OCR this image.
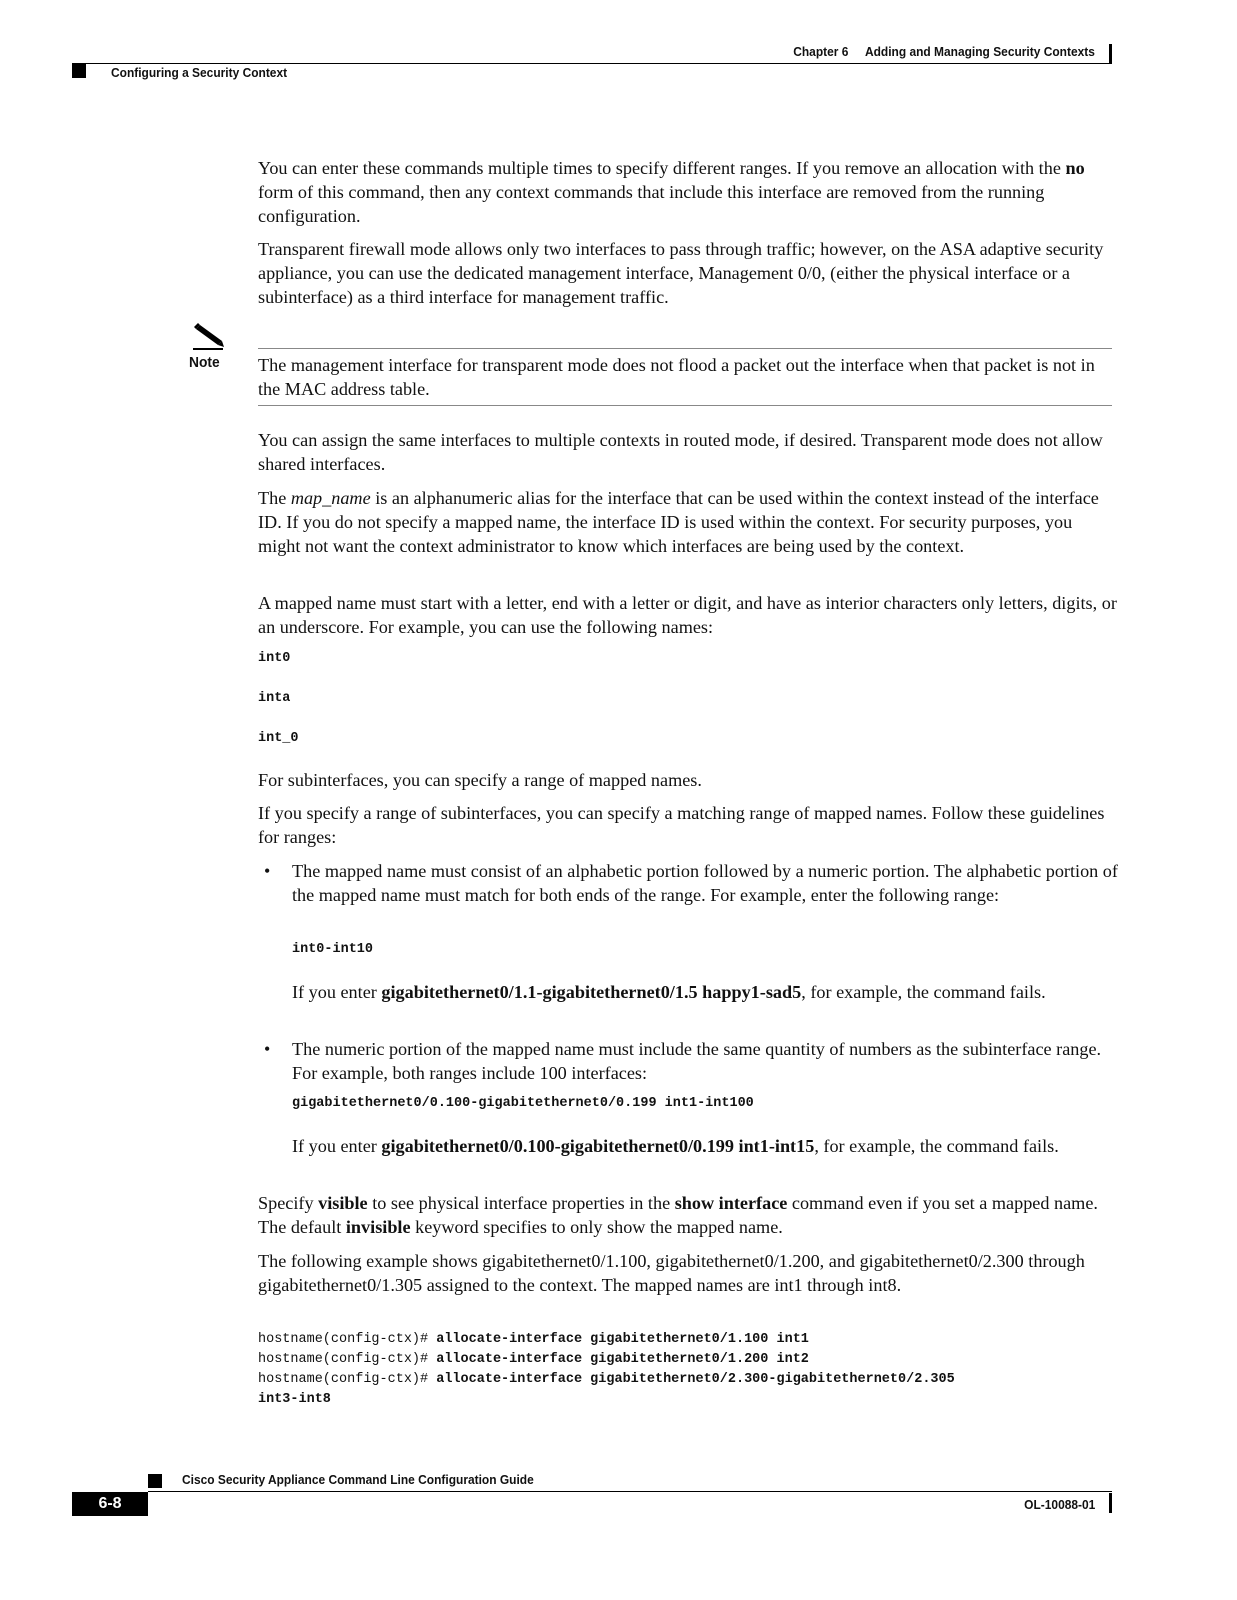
Chapter 6 Adding and Managing Security Contexts
Configuring a Security Context

You can enter these commands multiple times to specify different ranges. If you remove an allocation with the no form of this command, then any context commands that include this interface are removed from the running configuration.

Transparent firewall mode allows only two interfaces to pass through traffic; however, on the ASA adaptive security appliance, you can use the dedicated management interface, Management 0/0, (either the physical interface or a subinterface) as a third interface for management traffic.

Note The management interface for transparent mode does not flood a packet out the interface when that packet is not in the MAC address table.

You can assign the same interfaces to multiple contexts in routed mode, if desired. Transparent mode does not allow shared interfaces.

The map_name is an alphanumeric alias for the interface that can be used within the context instead of the interface ID. If you do not specify a mapped name, the interface ID is used within the context. For security purposes, you might not want the context administrator to know which interfaces are being used by the context.

A mapped name must start with a letter, end with a letter or digit, and have as interior characters only letters, digits, or an underscore. For example, you can use the following names:

int0
inta
int_0

For subinterfaces, you can specify a range of mapped names.

If you specify a range of subinterfaces, you can specify a matching range of mapped names. Follow these guidelines for ranges:

• The mapped name must consist of an alphabetic portion followed by a numeric portion. The alphabetic portion of the mapped name must match for both ends of the range. For example, enter the following range:

int0-int10

If you enter gigabitethernet0/1.1-gigabitethernet0/1.5 happy1-sad5, for example, the command fails.

• The numeric portion of the mapped name must include the same quantity of numbers as the subinterface range. For example, both ranges include 100 interfaces:

gigabitethernet0/0.100-gigabitethernet0/0.199 int1-int100

If you enter gigabitethernet0/0.100-gigabitethernet0/0.199 int1-int15, for example, the command fails.

Specify visible to see physical interface properties in the show interface command even if you set a mapped name. The default invisible keyword specifies to only show the mapped name.

The following example shows gigabitethernet0/1.100, gigabitethernet0/1.200, and gigabitethernet0/2.300 through gigabitethernet0/1.305 assigned to the context. The mapped names are int1 through int8.

hostname(config-ctx)# allocate-interface gigabitethernet0/1.100 int1
hostname(config-ctx)# allocate-interface gigabitethernet0/1.200 int2
hostname(config-ctx)# allocate-interface gigabitethernet0/2.300-gigabitethernet0/2.305
int3-int8
Cisco Security Appliance Command Line Configuration Guide
6-8	OL-10088-01
